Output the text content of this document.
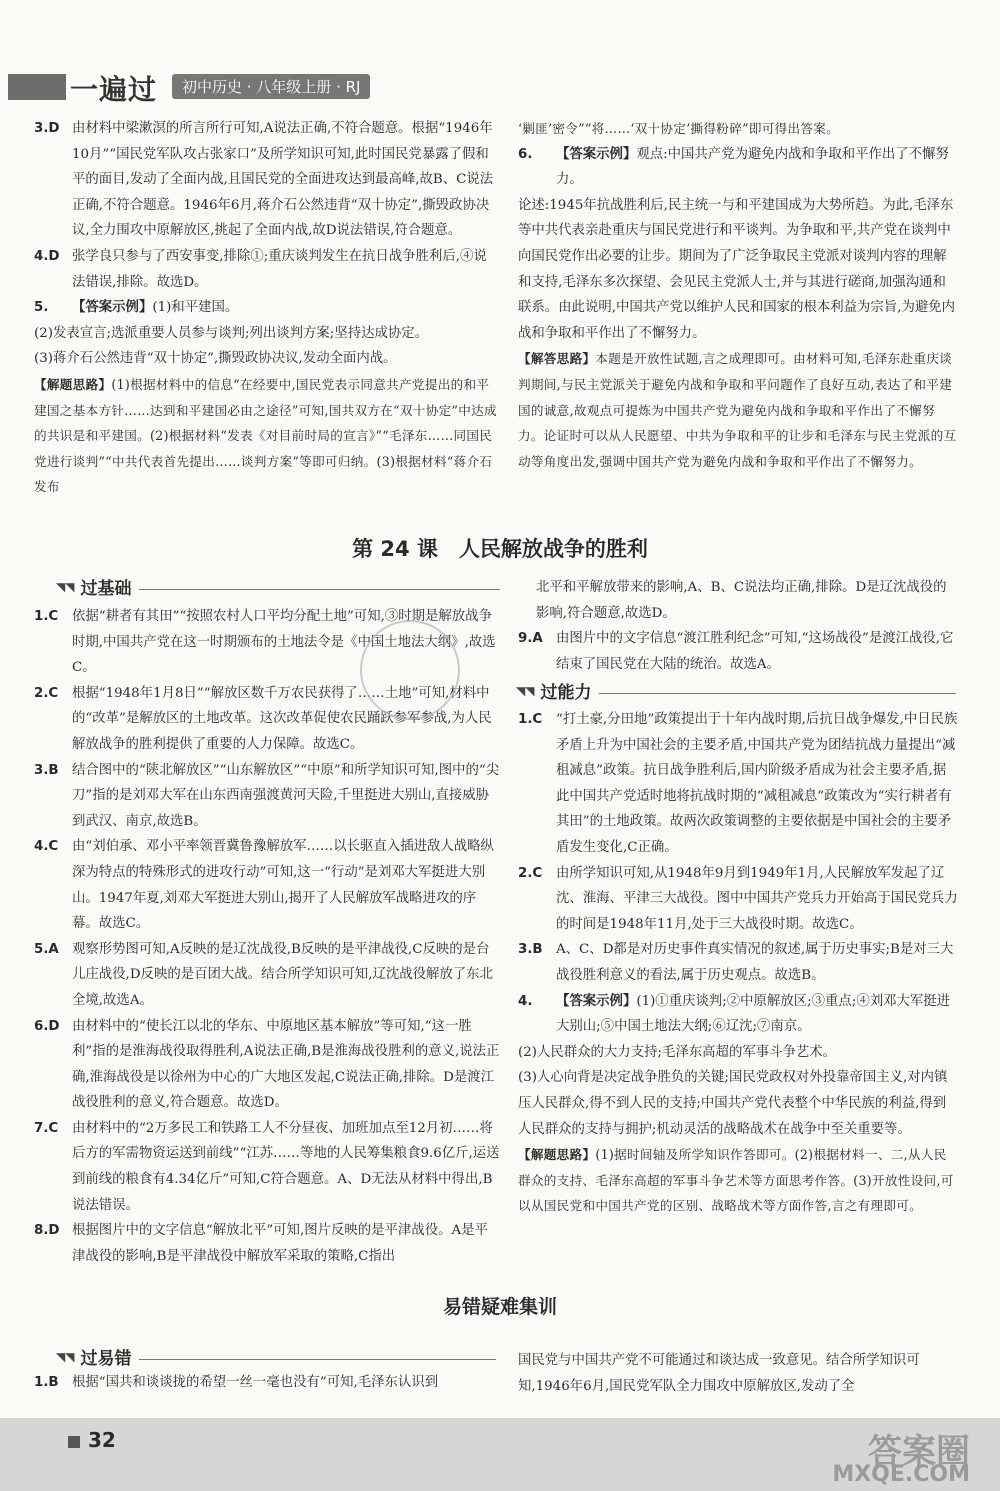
一遍过	初中历史 · 八年级上册 · RJ

3.D 由材料中梁漱溟的所言所行可知,A说法正确,不符合题意。根据“1946年10月”“国民党军队攻占张家口”及所学知识可知,此时国民党暴露了假和平的面目,发动了全面内战,且国民党的全面进攻达到最高峰,故B、C说法正确,不符合题意。1946年6月,蒋介石公然违背“双十协定”,撕毁政协决议,全力围攻中原解放区,挑起了全面内战,故D说法错误,符合题意。

4.D 张学良只参与了西安事变,排除①;重庆谈判发生在抗日战争胜利后,④说法错误,排除。故选D。

5. 【答案示例】(1)和平建国。

(2)发表宣言;选派重要人员参与谈判;列出谈判方案;坚持达成协定。

(3)蒋介石公然违背“双十协定”,撕毁政协决议,发动全面内战。

【解题思路】(1)根据材料中的信息“在经要中,国民党表示同意共产党提出的和平建国之基本方针……达到和平建国必由之途径”可知,国共双方在“双十协定”中达成的共识是和平建国。(2)根据材料“发表《对目前时局的宣言》”“毛泽东……同国民党进行谈判”“中共代表首先提出……谈判方案”等即可归纳。(3)根据材料“蒋介石发布

‘剿匪’密令”“将……‘双十协定’撕得粉碎”即可得出答案。

6. 【答案示例】观点:中国共产党为避免内战和争取和平作出了不懈努力。

论述:1945年抗战胜利后,民主统一与和平建国成为大势所趋。为此,毛泽东等中共代表亲赴重庆与国民党进行和平谈判。为争取和平,共产党在谈判中向国民党作出必要的让步。期间为了广泛争取民主党派对谈判内容的理解和支持,毛泽东多次探望、会见民主党派人士,并与其进行磋商,加强沟通和联系。由此说明,中国共产党以维护人民和国家的根本利益为宗旨,为避免内战和争取和平作出了不懈努力。

【解答思路】本题是开放性试题,言之成理即可。由材料可知,毛泽东赴重庆谈判期间,与民主党派关于避免内战和争取和平问题作了良好互动,表达了和平建国的诚意,故观点可提炼为中国共产党为避免内战和争取和平作出了不懈努力。论证时可以从人民愿望、中共为争取和平的让步和毛泽东与民主党派的互动等角度出发,强调中国共产党为避免内战和争取和平作出了不懈努力。

第 24 课　人民解放战争的胜利
◥◥ 过基础

1.C 依据“耕者有其田”“按照农村人口平均分配土地”可知,③时期是解放战争时期,中国共产党在这一时期颁布的土地法令是《中国土地法大纲》,故选C。

2.C 根据“1948年1月8日”“解放区数千万农民获得了……土地”可知,材料中的“改革”是解放区的土地改革。这次改革促使农民踊跃参军参战,为人民解放战争的胜利提供了重要的人力保障。故选C。

3.B 结合图中的“陕北解放区”“山东解放区”“中原”和所学知识可知,图中的“尖刀”指的是刘邓大军在山东西南强渡黄河天险,千里挺进大别山,直接威胁到武汉、南京,故选B。

4.C 由“刘伯承、邓小平率领晋冀鲁豫解放军……以长驱直入插进敌人战略纵深为特点的特殊形式的进攻行动”可知,这一“行动”是刘邓大军挺进大别山。1947年夏,刘邓大军挺进大别山,揭开了人民解放军战略进攻的序幕。故选C。

5.A 观察形势图可知,A反映的是辽沈战役,B反映的是平津战役,C反映的是台儿庄战役,D反映的是百团大战。结合所学知识可知,辽沈战役解放了东北全境,故选A。

6.D 由材料中的“使长江以北的华东、中原地区基本解放”等可知,“这一胜利”指的是淮海战役取得胜利,A说法正确,B是淮海战役胜利的意义,说法正确,淮海战役是以徐州为中心的广大地区发起,C说法正确,排除。D是渡江战役胜利的意义,符合题意。故选D。

7.C 由材料中的“2万多民工和铁路工人不分昼夜、加班加点至12月初……将后方的军需物资运送到前线”“江苏……等地的人民筹集粮食9.6亿斤,运送到前线的粮食有4.34亿斤”可知,C符合题意。A、D无法从材料中得出,B说法错误。

8.D 根据图片中的文字信息“解放北平”可知,图片反映的是平津战役。A是平津战役的影响,B是平津战役中解放军采取的策略,C指出

北平和平解放带来的影响,A、B、C说法均正确,排除。D是辽沈战役的影响,符合题意,故选D。

9.A 由图片中的文字信息“渡江胜利纪念”可知,“这场战役”是渡江战役,它结束了国民党在大陆的统治。故选A。

◥◥ 过能力

1.C “打土豪,分田地”政策提出于十年内战时期,后抗日战争爆发,中日民族矛盾上升为中国社会的主要矛盾,中国共产党为团结抗战力量提出“减租减息”政策。抗日战争胜利后,国内阶级矛盾成为社会主要矛盾,据此中国共产党适时地将抗战时期的“减租减息”政策改为“实行耕者有其田”的土地政策。故两次政策调整的主要依据是中国社会的主要矛盾发生变化,C正确。

2.C 由所学知识可知,从1948年9月到1949年1月,人民解放军发起了辽沈、淮海、平津三大战役。图中中国共产党兵力开始高于国民党兵力的时间是1948年11月,处于三大战役时期。故选C。

3.B A、C、D都是对历史事件真实情况的叙述,属于历史事实;B是对三大战役胜利意义的看法,属于历史观点。故选B。

4. 【答案示例】(1)①重庆谈判;②中原解放区;③重点;④刘邓大军挺进大别山;⑤中国土地法大纲;⑥辽沈;⑦南京。

(2)人民群众的大力支持;毛泽东高超的军事斗争艺术。

(3)人心向背是决定战争胜负的关键;国民党政权对外投靠帝国主义,对内镇压人民群众,得不到人民的支持;中国共产党代表整个中华民族的利益,得到人民群众的支持与拥护;机动灵活的战略战术在战争中至关重要等。

【解题思路】(1)据时间轴及所学知识作答即可。(2)根据材料一、二,从人民群众的支持、毛泽东高超的军事斗争艺术等方面思考作答。(3)开放性设问,可以从国民党和中国共产党的区别、战略战术等方面作答,言之有理即可。

易错疑难集训
◥◥ 过易错

1.B 根据“国共和谈谈拢的希望一丝一毫也没有”可知,毛泽东认识到

国民党与中国共产党不可能通过和谈达成一致意见。结合所学知识可知,1946年6月,国民党军队全力围攻中原解放区,发动了全

32	答案圈
MXQE.COM
